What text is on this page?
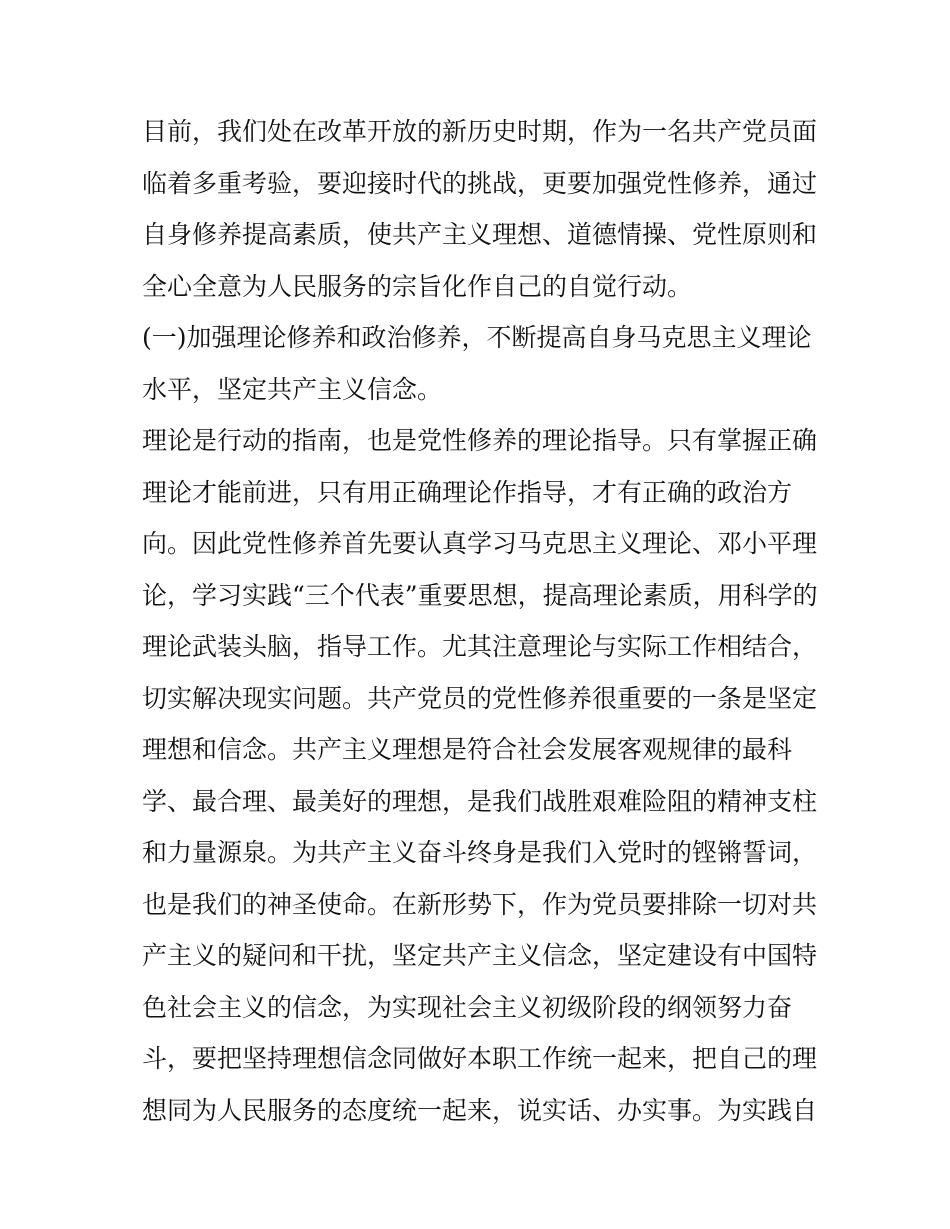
目前，我们处在改革开放的新历史时期，作为一名共产党员面
临着多重考验，要迎接时代的挑战，更要加强党性修养，通过
自身修养提高素质，使共产主义理想、道德情操、党性原则和
全心全意为人民服务的宗旨化作自己的自觉行动。
(一)加强理论修养和政治修养，不断提高自身马克思主义理论
水平，坚定共产主义信念。
理论是行动的指南，也是党性修养的理论指导。只有掌握正确
理论才能前进，只有用正确理论作指导，才有正确的政治方
向。因此党性修养首先要认真学习马克思主义理论、邓小平理
论，学习实践“三个代表”重要思想，提高理论素质，用科学的
理论武装头脑，指导工作。尤其注意理论与实际工作相结合，
切实解决现实问题。共产党员的党性修养很重要的一条是坚定
理想和信念。共产主义理想是符合社会发展客观规律的最科
学、最合理、最美好的理想，是我们战胜艰难险阻的精神支柱
和力量源泉。为共产主义奋斗终身是我们入党时的铿锵誓词，
也是我们的神圣使命。在新形势下，作为党员要排除一切对共
产主义的疑问和干扰，坚定共产主义信念，坚定建设有中国特
色社会主义的信念，为实现社会主义初级阶段的纲领努力奋
斗，要把坚持理想信念同做好本职工作统一起来，把自己的理
想同为人民服务的态度统一起来，说实话、办实事。为实践自
